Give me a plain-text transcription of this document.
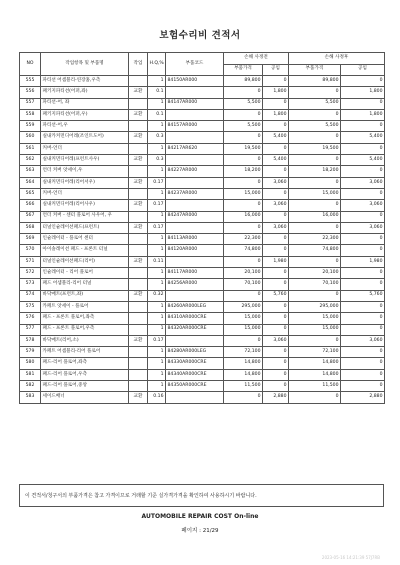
보험수리비 견적서
NO	작업항목 및 부품명	작업	H.Q,%	부품코드	손해 사정전		손해 사정후	
					부품가격	공임	부품가격	공임
555	파티션 어셈블리-연장홈,우측		1	84150AR000	89,800	0	89,800	0
556	패키지파티션(어퍼,좌)	교환	0.1		0	1,800	0	1,800
557	파티션-어, 좌		1	84147AR000	5,500	0	5,500	0
558	패키지파티션(어퍼,우)	교환	0.1		0	1,800	0	1,800
559	파티션-어,우		1	84157AR000	5,500	0	5,500	0
560	실내카커먼디어레(조인트도어)	교환	0.3		0	5,400	0	5,400
561	커버-언더		1	84217AR620	19,500	0	19,500	0
562	실내커먼디어레(프런트사우)	교환	0.3		0	5,400	0	5,400
563	언더 커버 앗세이,우		1	84227AR000	18,200	0	18,200	0
564	실내커먼디어레(리어서우)	교환	0.17		0	3,060	0	3,060
565	커버-언더		1	84237AR000	15,000	0	15,000	0
566	실내커먼디어레(리어사우)	교환	0.17		0	3,060	0	3,060
567	언더 커버 - 센터 플로어 사우어, 우		1	84247AR000	16,000	0	16,000	0
568	터널인슐레이션패드(프런트)	교환	0.17		0	3,060	0	3,060
569	인슐레이터 - 플로어 센터		1	84113AR000	22,300	0	22,300	0
570	아이솔레이션 패드 - 프론트 터널		1	84120AR000	74,800	0	74,800	0
571	터널인슐레이션패드(리어)	교환	0.11		0	1,980	0	1,980
572	인슐레이터 - 리어 플로어		1	84117AR000	20,100	0	20,100	0
573	패드 어셈블리-리어 터널		1	84256AR000	70,100	0	70,100	0
574	바닥매트(프런트,좌)	교환	0.32		0	5,760	0	5,760
575	카페트 앗세이 - 플로어		1	84260AR000LEG	295,000	0	295,000	0
576	패드 - 프론트 플로어,좌측		1	84310AR000CRE	15,000	0	15,000	0
577	패드 - 프론트 플로어,우측		1	84320AR000CRE	15,000	0	15,000	0
578	바닥매트(리어,소)	교환	0.17		0	3,060	0	3,060
579	카페트 어셈블리-리어 플로어		1	84280AR000LEG	72,100	0	72,100	0
580	패드-리어 플로어,좌측		1	84330AR000CRE	14,800	0	14,800	0
581	패드-리어 플로어,우측		1	84340AR000CRE	14,800	0	14,800	0
582	패드-리어 플로어,중앙		1	84350AR000CRE	11,500	0	11,500	0
583	세이드배너	교환	0.16		0	2,880	0	2,880
이 견적서/청구서의 부품가격은 참고 가격이므로 거래할 기준 실가격가격을 확인하여 사용하시기 바랍니다.
AUTOMOBILE REPAIR COST On-line
페이지 : 21/29
2023-05-16 14:21:39 57J7RB
